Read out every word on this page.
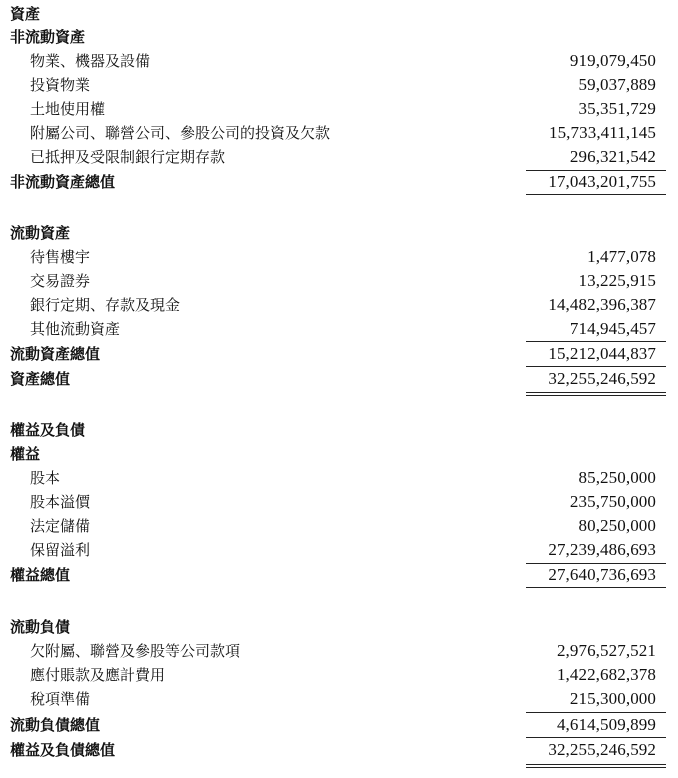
資產
非流動資產
物業、機器及設備	919,079,450
投資物業	59,037,889
土地使用權	35,351,729
附屬公司、聯營公司、參股公司的投資及欠款	15,733,411,145
已抵押及受限制銀行定期存款	296,321,542
非流動資產總值	17,043,201,755
流動資產
待售樓宇	1,477,078
交易證券	13,225,915
銀行定期、存款及現金	14,482,396,387
其他流動資產	714,945,457
流動資產總值	15,212,044,837
資產總值	32,255,246,592
權益及負債
權益
股本	85,250,000
股本溢價	235,750,000
法定儲備	80,250,000
保留溢利	27,239,486,693
權益總值	27,640,736,693
流動負債
欠附屬、聯營及參股等公司款項	2,976,527,521
應付賬款及應計費用	1,422,682,378
稅項準備	215,300,000
流動負債總值	4,614,509,899
權益及負債總值	32,255,246,592
